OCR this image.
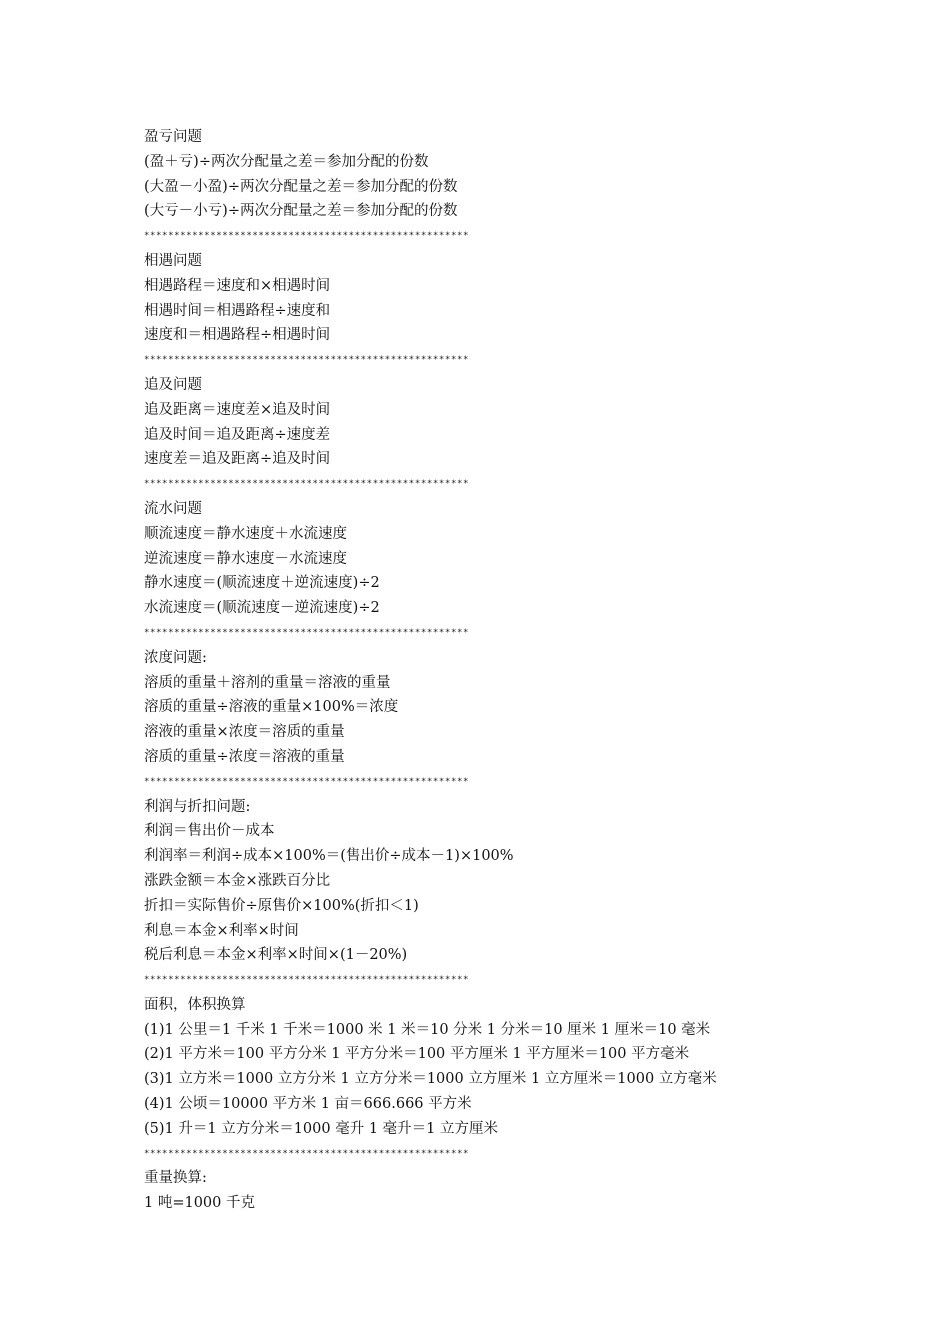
盈亏问题
(盈＋亏)÷两次分配量之差＝参加分配的份数
(大盈－小盈)÷两次分配量之差＝参加分配的份数
(大亏－小亏)÷两次分配量之差＝参加分配的份数
******************************************************
相遇问题
相遇路程＝速度和×相遇时间
相遇时间＝相遇路程÷速度和
速度和＝相遇路程÷相遇时间
******************************************************
追及问题
追及距离＝速度差×追及时间
追及时间＝追及距离÷速度差
速度差＝追及距离÷追及时间
******************************************************
流水问题
顺流速度＝静水速度＋水流速度
逆流速度＝静水速度－水流速度
静水速度＝(顺流速度＋逆流速度)÷2
水流速度＝(顺流速度－逆流速度)÷2
******************************************************
浓度问题:
溶质的重量＋溶剂的重量＝溶液的重量
溶质的重量÷溶液的重量×100%＝浓度
溶液的重量×浓度＝溶质的重量
溶质的重量÷浓度＝溶液的重量
******************************************************
利润与折扣问题:
利润＝售出价－成本
利润率＝利润÷成本×100%＝(售出价÷成本－1)×100%
涨跌金额＝本金×涨跌百分比
折扣＝实际售价÷原售价×100%(折扣＜1)
利息＝本金×利率×时间
税后利息＝本金×利率×时间×(1－20%)
******************************************************
面积，体积换算
(1)1 公里＝1 千米 1 千米＝1000 米 1 米＝10 分米 1 分米＝10 厘米 1 厘米＝10 毫米
(2)1 平方米＝100 平方分米 1 平方分米＝100 平方厘米 1 平方厘米＝100 平方毫米
(3)1 立方米＝1000 立方分米 1 立方分米＝1000 立方厘米 1 立方厘米＝1000 立方毫米
(4)1 公顷＝10000 平方米 1 亩＝666.666 平方米
(5)1 升＝1 立方分米＝1000 毫升 1 毫升＝1 立方厘米
******************************************************
重量换算:
1 吨=1000 千克
